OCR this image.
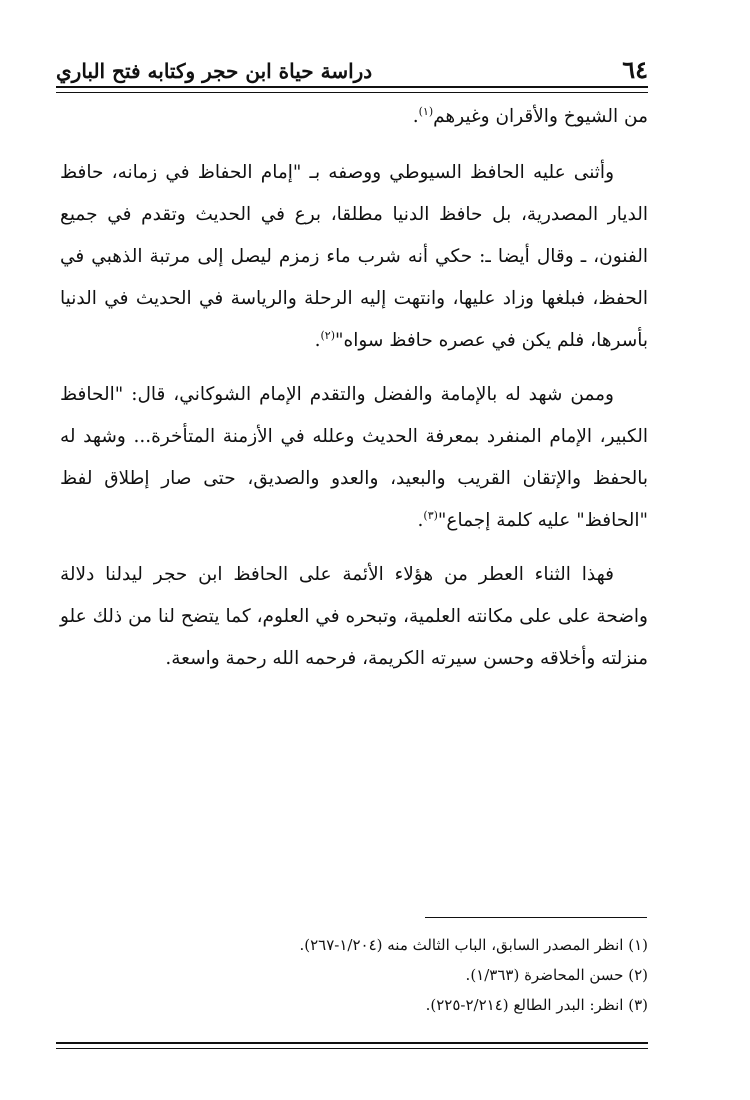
٦٤
دراسة حياة ابن حجر وكتابه فتح الباري

من الشيوخ والأقران وغيرهم$^{(١)}$.

وأثنى عليه الحافظ السيوطي ووصفه بـ "إمام الحفاظ في زمانه، حافظ الديار المصدرية، بل حافظ الدنيا مطلقا، برع في الحديث وتقدم في جميع الفنون، ـ وقال أيضا ـ: حكي أنه شرب ماء زمزم ليصل إلى مرتبة الذهبي في الحفظ، فبلغها وزاد عليها، وانتهت إليه الرحلة والرياسة في الحديث في الدنيا بأسرها، فلم يكن في عصره حافظ سواه"$^{(٢)}$.

وممن شهد له بالإمامة والفضل والتقدم الإمام الشوكاني، قال: "الحافظ الكبير، الإمام المنفرد بمعرفة الحديث وعلله في الأزمنة المتأخرة... وشهد له بالحفظ والإتقان القريب والبعيد، والعدو والصديق، حتى صار إطلاق لفظ "الحافظ" عليه كلمة إجماع"$^{(٣)}$.

فهذا الثناء العطر من هؤلاء الأئمة على الحافظ ابن حجر ليدلنا دلالة واضحة على على مكانته العلمية، وتبحره في العلوم، كما يتضح لنا من ذلك علو منزلته وأخلاقه وحسن سيرته الكريمة، فرحمه الله رحمة واسعة.

(١) انظر المصدر السابق، الباب الثالث منه (١/٢٠٤-٢٦٧).
(٢) حسن المحاضرة (١/٣٦٣).
(٣) انظر: البدر الطالع (٢/٢١٤-٢٢٥).
